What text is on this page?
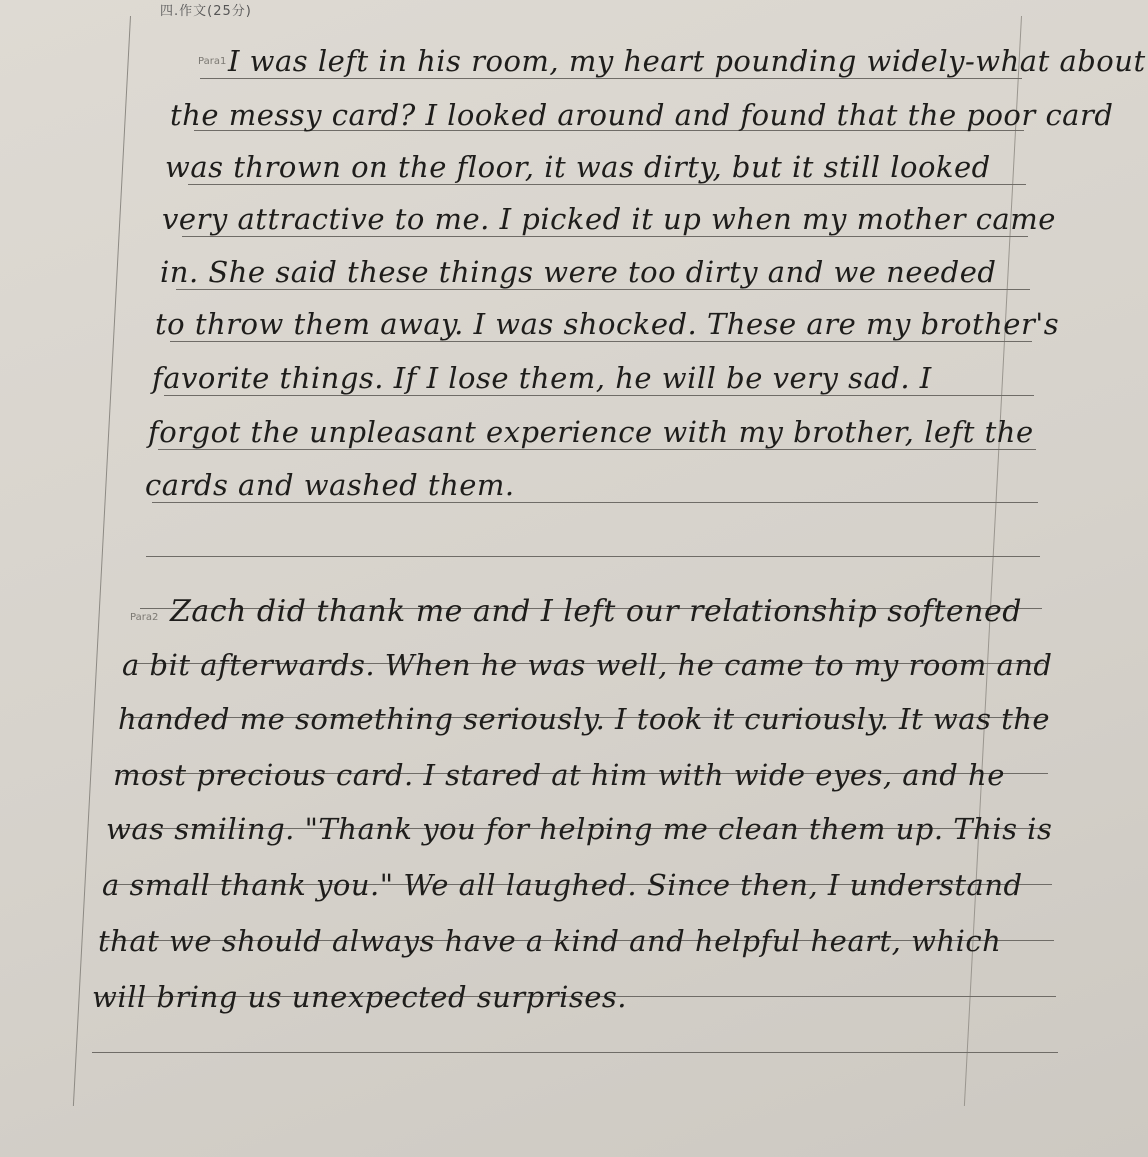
四.作文(25分)
Para1 I was left in his room, my heart pounding widely-what about
the messy card? I looked around and found that the poor card
was thrown on the floor, it was dirty, but it still looked
very attractive to me. I picked it up when my mother came
in. She said these things were too dirty and we needed
to throw them away. I was shocked. These are my brother's
favorite things. If I lose them, he will be very sad. I
forgot the unpleasant experience with my brother, left the
cards and washed them.
Para2 Zach did thank me and I left our relationship softened
a bit afterwards. When he was well, he came to my room and
handed me something seriously. I took it curiously. It was the
most precious card. I stared at him with wide eyes, and he
was smiling. "Thank you for helping me clean them up. This is
a small thank you." We all laughed. Since then, I understand
that we should always have a kind and helpful heart, which
will bring us unexpected surprises.
